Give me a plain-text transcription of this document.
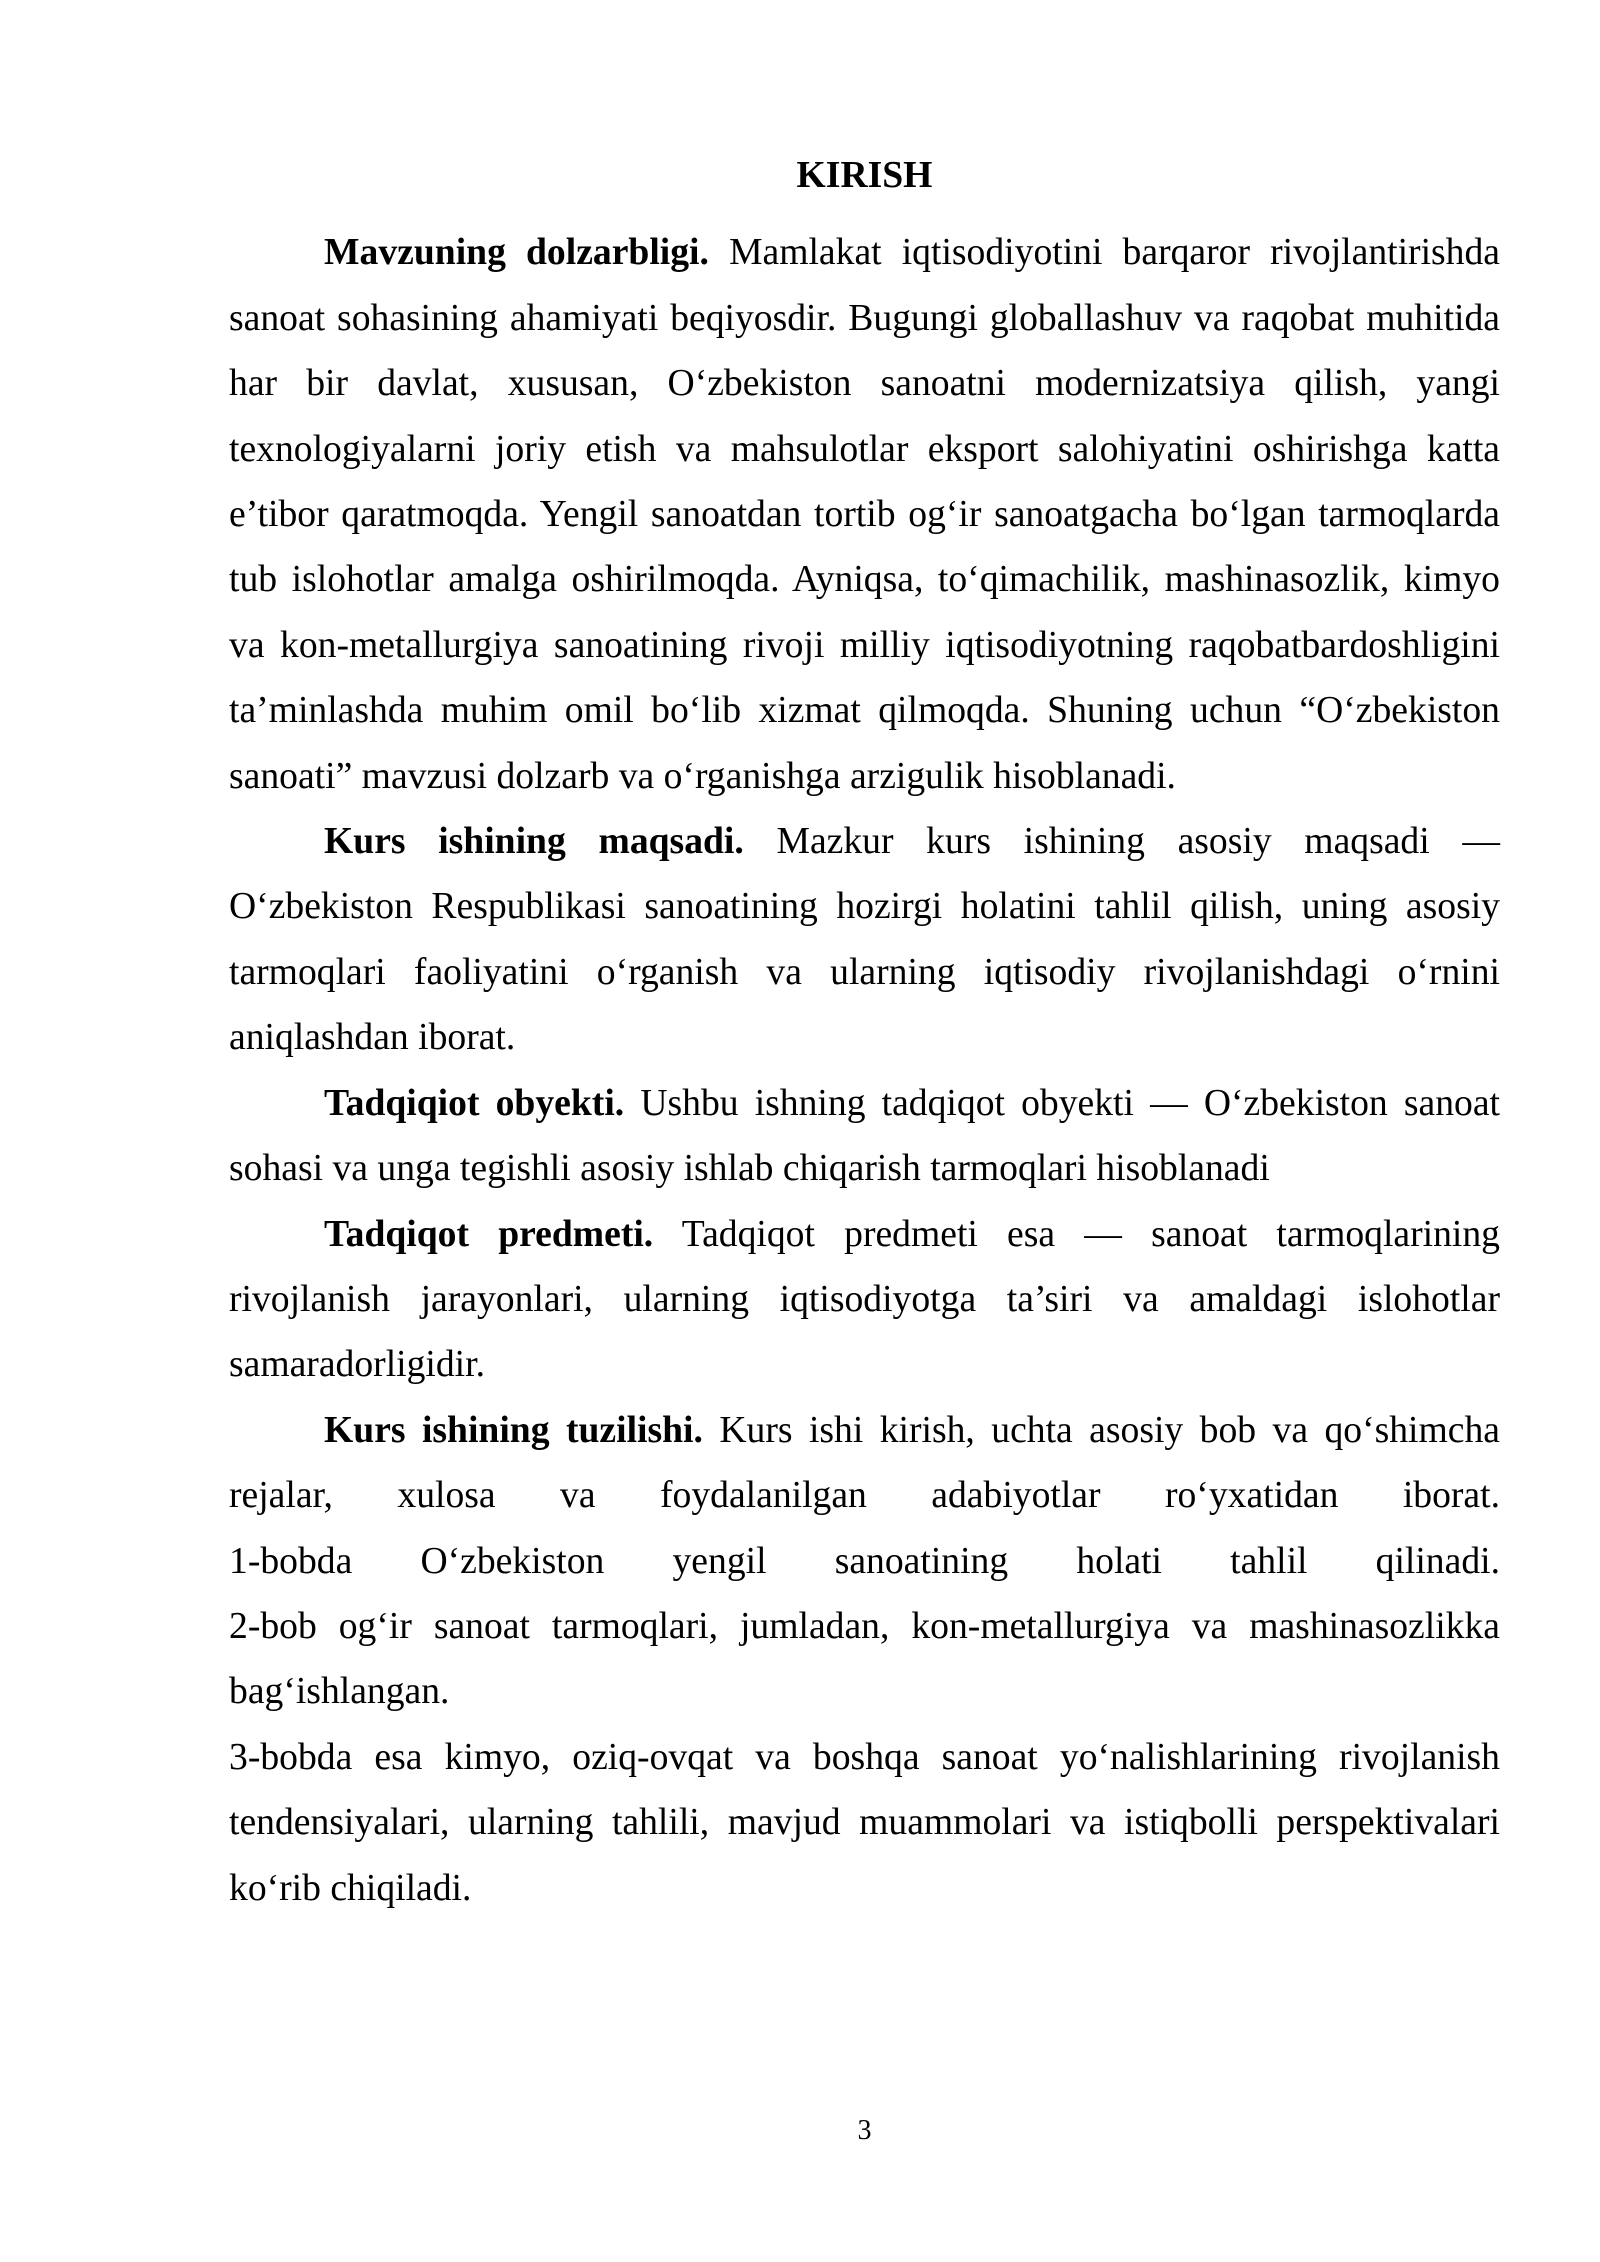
KIRISH

Mavzuning dolzarbligi. Mamlakat iqtisodiyotini barqaror rivojlantirishda sanoat sohasining ahamiyati beqiyosdir. Bugungi globallashuv va raqobat muhitida har bir davlat, xususan, O‘zbekiston sanoatni modernizatsiya qilish, yangi texnologiyalarni joriy etish va mahsulotlar eksport salohiyatini oshirishga katta e’tibor qaratmoqda. Yengil sanoatdan tortib og‘ir sanoatgacha bo‘lgan tarmoqlarda tub islohotlar amalga oshirilmoqda. Ayniqsa, to‘qimachilik, mashinasozlik, kimyo va kon-metallurgiya sanoatining rivoji milliy iqtisodiyotning raqobatbardoshligini ta’minlashda muhim omil bo‘lib xizmat qilmoqda. Shuning uchun “O‘zbekiston sanoati” mavzusi dolzarb va o‘rganishga arzigulik hisoblanadi.

Kurs ishining maqsadi. Mazkur kurs ishining asosiy maqsadi — O‘zbekiston Respublikasi sanoatining hozirgi holatini tahlil qilish, uning asosiy tarmoqlari faoliyatini o‘rganish va ularning iqtisodiy rivojlanishdagi o‘rnini aniqlashdan iborat.

Tadqiqiot obyekti. Ushbu ishning tadqiqot obyekti — O‘zbekiston sanoat sohasi va unga tegishli asosiy ishlab chiqarish tarmoqlari hisoblanadi

Tadqiqot predmeti. Tadqiqot predmeti esa — sanoat tarmoqlarining rivojlanish jarayonlari, ularning iqtisodiyotga ta’siri va amaldagi islohotlar samaradorligidir.

Kurs ishining tuzilishi. Kurs ishi kirish, uchta asosiy bob va qo‘shimcha rejalar, xulosa va foydalanilgan adabiyotlar ro‘yxatidan iborat.
1-bobda O‘zbekiston yengil sanoatining holati tahlil qilinadi.
2-bob og‘ir sanoat tarmoqlari, jumladan, kon-metallurgiya va mashinasozlikka bag‘ishlangan.

3-bobda esa kimyo, oziq-ovqat va boshqa sanoat yo‘nalishlarining rivojlanish tendensiyalari, ularning tahlili, mavjud muammolari va istiqbolli perspektivalari ko‘rib chiqiladi.

3
